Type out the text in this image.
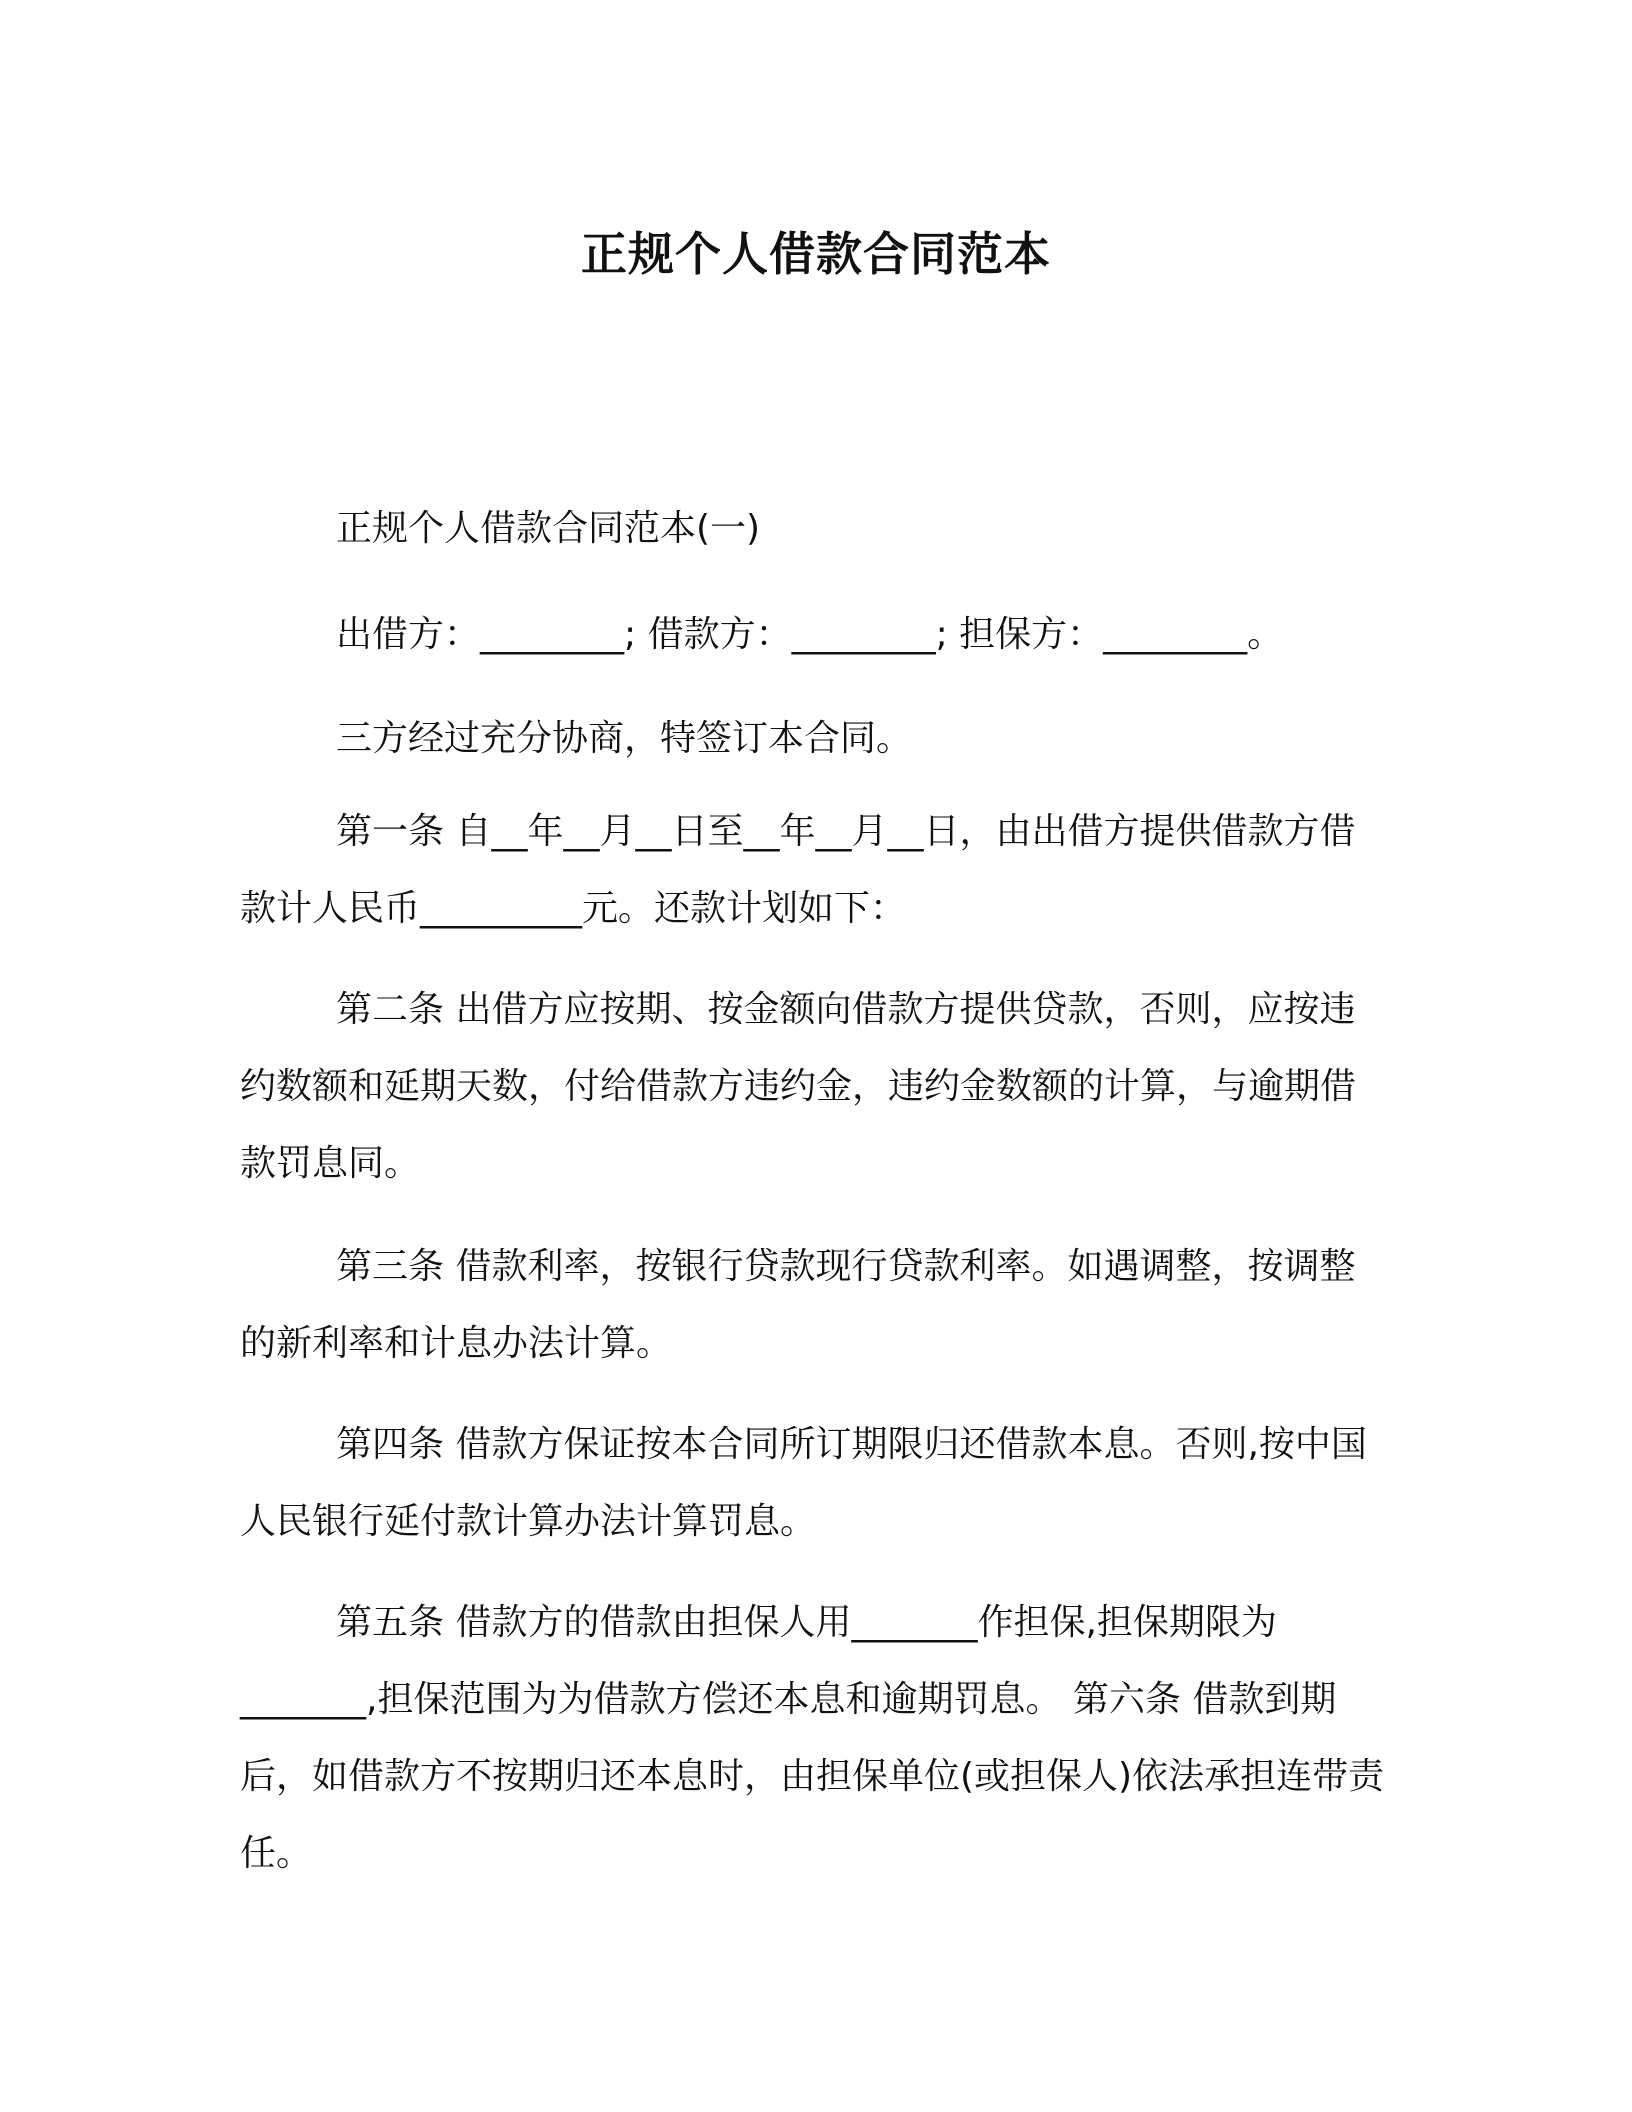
正规个人借款合同范本

正规个人借款合同范本(一)

出借方：________; 借款方：________; 担保方：________。

三方经过充分协商，特签订本合同。

第一条 自__年__月__日至__年__月__日，由出借方提供借款方借款计人民币_________元。还款计划如下：

第二条 出借方应按期、按金额向借款方提供贷款，否则，应按违约数额和延期天数，付给借款方违约金，违约金数额的计算，与逾期借款罚息同。

第三条 借款利率，按银行贷款现行贷款利率。如遇调整，按调整的新利率和计息办法计算。

第四条 借款方保证按本合同所订期限归还借款本息。否则,按中国人民银行延付款计算办法计算罚息。

第五条 借款方的借款由担保人用_______作担保,担保期限为_______,担保范围为为借款方偿还本息和逾期罚息。 第六条 借款到期后，如借款方不按期归还本息时，由担保单位(或担保人)依法承担连带责任。
